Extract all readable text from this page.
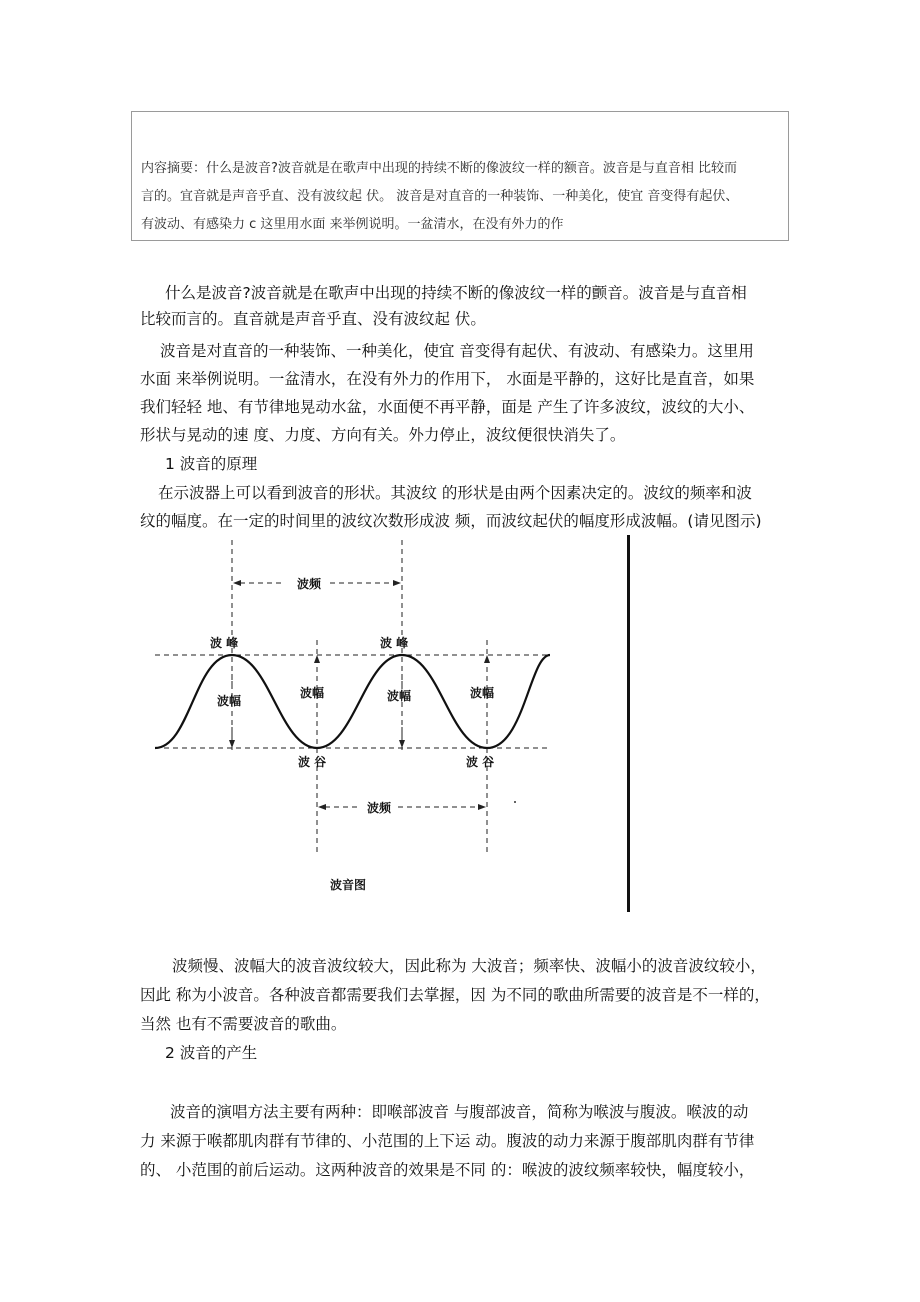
内容摘要：什么是波音?波音就是在歌声中出现的持续不断的像波纹一样的额音。波音是与直音相 比较而
言的。宜音就是声音乎直、没有波纹起 伏。 波音是对直音的一种装饰、一种美化，使宜 音变得有起伏、
有波动、有感染力 c 这里用水面 来举例说明。一盆清水，在没有外力的作
什么是波音?波音就是在歌声中出现的持续不断的像波纹一样的颤音。波音是与直音相
比较而言的。直音就是声音乎直、没有波纹起 伏。
波音是对直音的一种装饰、一种美化，使宜 音变得有起伏、有波动、有感染力。这里用
水面 来举例说明。一盆清水，在没有外力的作用下， 水面是平静的，这好比是直音，如果
我们轻轻 地、有节律地晃动水盆，水面便不再平静，面是 产生了许多波纹，波纹的大小、
形状与晃动的速 度、力度、方向有关。外力停止，波纹便很快消失了。
1 波音的原理
在示波器上可以看到波音的形状。其波纹 的形状是由两个因素决定的。波纹的频率和波
纹的幅度。在一定的时间里的波纹次数形成波 频，而波纹起伏的幅度形成波幅。(请见图示)
波频
波 峰	波 峰
波幅
波幅	波幅	波幅
波 谷	波 谷
波频
波音图
波频慢、波幅大的波音波纹较大，因此称为 大波音；频率快、波幅小的波音波纹较小，
因此 称为小波音。各种波音都需要我们去掌握，因 为不同的歌曲所需要的波音是不一样的，
当然 也有不需要波音的歌曲。
2 波音的产生
波音的演唱方法主要有两种：即喉部波音 与腹部波音，简称为喉波与腹波。喉波的动
力 来源于喉都肌肉群有节律的、小范围的上下运 动。腹波的动力来源于腹部肌肉群有节律
的、 小范围的前后运动。这两种波音的效果是不同 的：喉波的波纹频率较快，幅度较小，
